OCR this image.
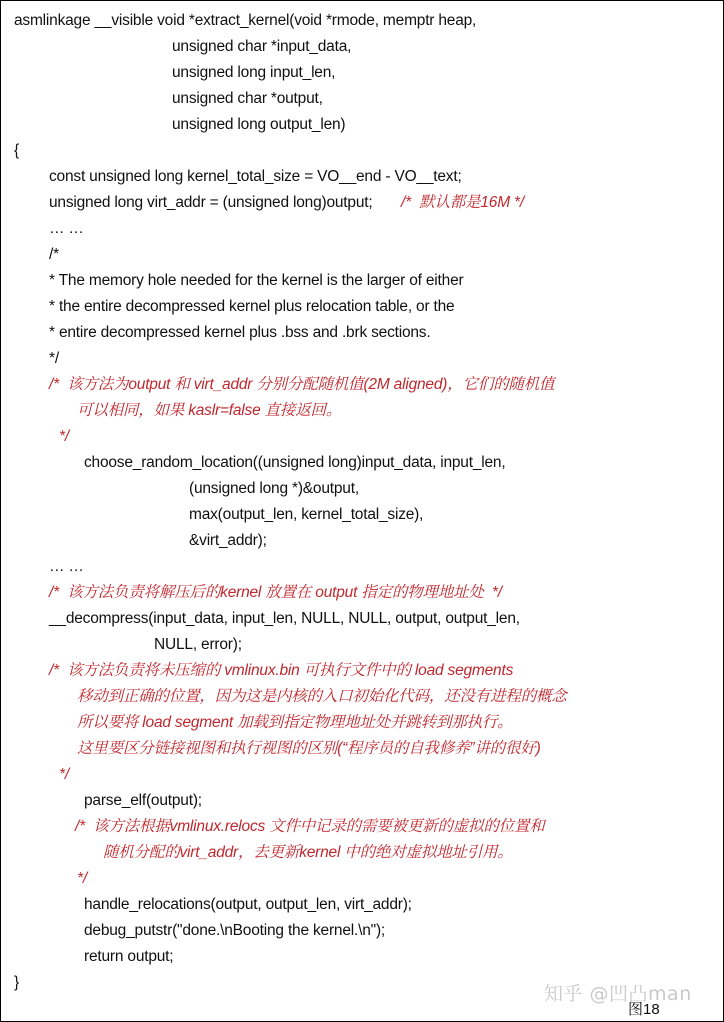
asmlinkage __visible void *extract_kernel(void *rmode, memptr heap,
unsigned char *input_data,
unsigned long input_len,
unsigned char *output,
unsigned long output_len)
{
const unsigned long kernel_total_size = VO__end - VO__text;
unsigned long virt_addr = (unsigned long)output; /*  默认都是16M */
… …
/*
* The memory hole needed for the kernel is the larger of either
* the entire decompressed kernel plus relocation table, or the
* entire decompressed kernel plus .bss and .brk sections.
*/
/*  该方法为output 和 virt_addr 分别分配随机值(2M aligned)，它们的随机值
可以相同，如果 kaslr=false 直接返回。
*/
choose_random_location((unsigned long)input_data, input_len,
(unsigned long *)&output,
max(output_len, kernel_total_size),
&virt_addr);
… …
/*  该方法负责将解压后的kernel 放置在 output 指定的物理地址处  */
__decompress(input_data, input_len, NULL, NULL, output, output_len,
NULL, error);
/*  该方法负责将未压缩的 vmlinux.bin 可执行文件中的 load segments
移动到正确的位置，因为这是内核的入口初始化代码，还没有进程的概念
所以要将 load segment 加载到指定物理地址处并跳转到那执行。
这里要区分链接视图和执行视图的区别(“程序员的自我修养”讲的很好)
*/
parse_elf(output);
/*  该方法根据vmlinux.relocs 文件中记录的需要被更新的虚拟的位置和
随机分配的virt_addr，去更新kernel 中的绝对虚拟地址引用。
*/
handle_relocations(output, output_len, virt_addr);
debug_putstr("done.\nBooting the kernel.\n");
return output;
}
知乎 @凹凸man
图18
